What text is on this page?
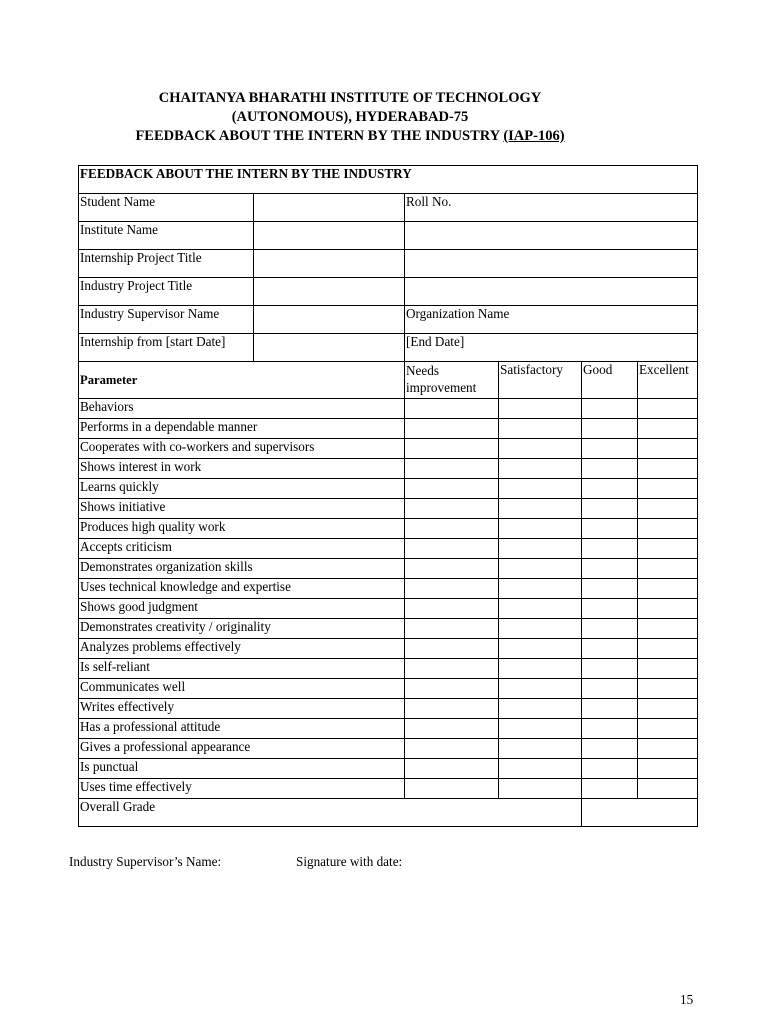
CHAITANYA BHARATHI INSTITUTE OF TECHNOLOGY
(AUTONOMOUS), HYDERABAD-75
FEEDBACK ABOUT THE INTERN BY THE INDUSTRY (IAP-106)
FEEDBACK ABOUT THE INTERN BY THE INDUSTRY					
Student Name		Roll No.			
Institute Name					
Internship Project Title					
Industry Project Title					
Industry Supervisor Name		Organization Name			
Internship from [start Date]		[End Date]			
Parameter		Needs improvement	Satisfactory	Good	Excellent
Behaviors					
Performs in a dependable manner					
Cooperates with co-workers and supervisors					
Shows interest in work					
Learns quickly					
Shows initiative					
Produces high quality work					
Accepts criticism					
Demonstrates organization skills					
Uses technical knowledge and expertise					
Shows good judgment					
Demonstrates creativity / originality					
Analyzes problems effectively					
Is self-reliant					
Communicates well					
Writes effectively					
Has a professional attitude					
Gives a professional appearance					
Is punctual					
Uses time effectively					
Overall Grade					
Industry Supervisor’s Name:	Signature with date:
15
